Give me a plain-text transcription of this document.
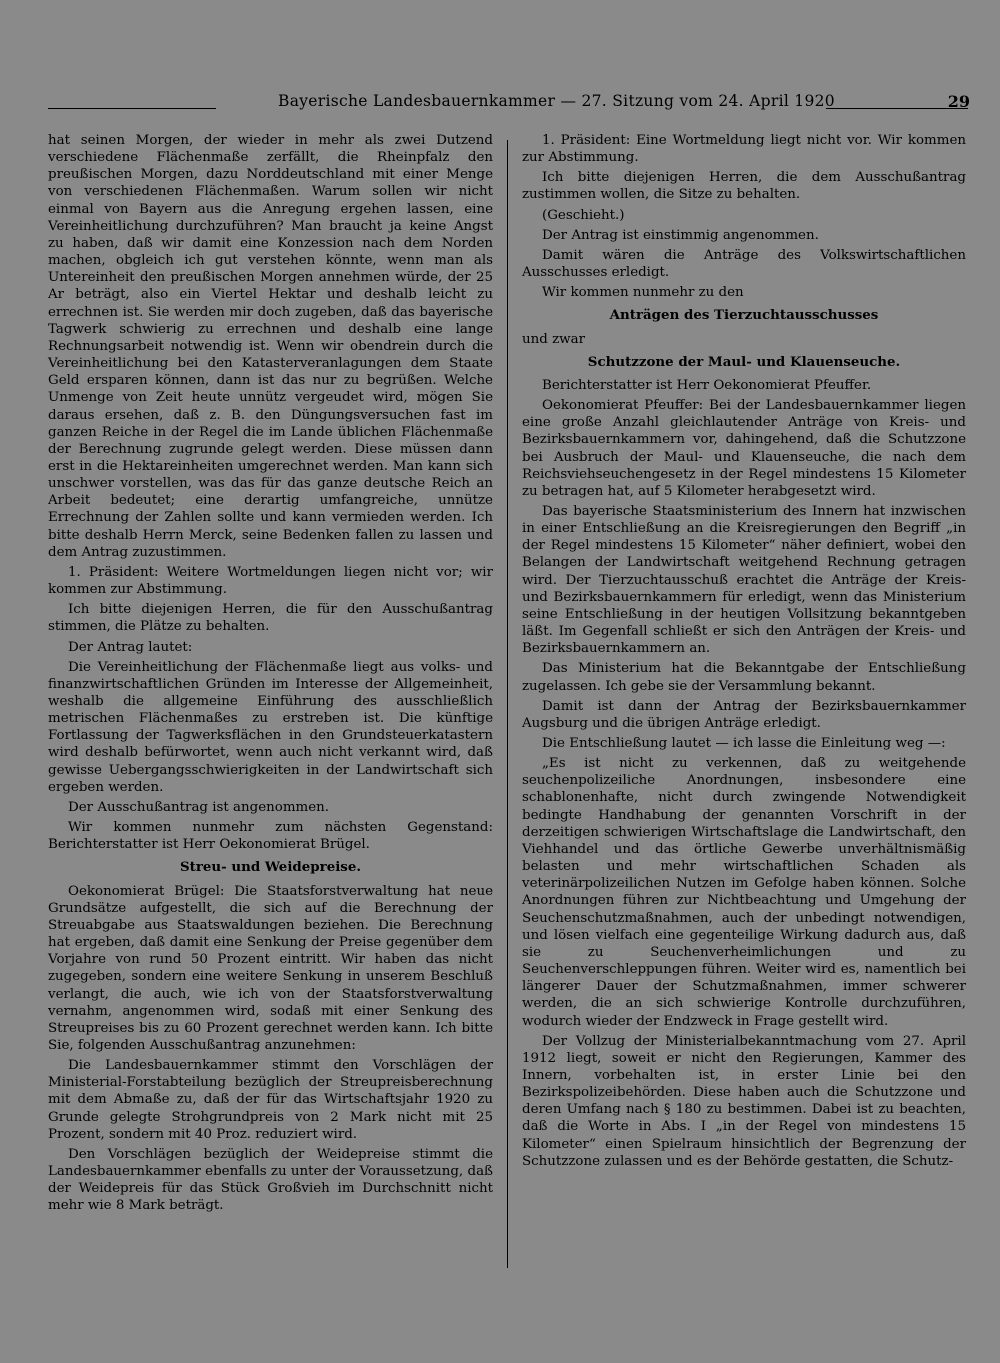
Bayerische Landesbauernkammer — 27. Sitzung vom 24. April 1920	29

hat seinen Morgen, der wieder in mehr als zwei Dutzend verschiedene Flächenmaße zerfällt, die Rheinpfalz den preußischen Morgen, dazu Norddeutschland mit einer Menge von verschiedenen Flächenmaßen. Warum sollen wir nicht einmal von Bayern aus die Anregung ergehen lassen, eine Vereinheitlichung durchzuführen? Man braucht ja keine Angst zu haben, daß wir damit eine Konzession nach dem Norden machen, obgleich ich gut verstehen könnte, wenn man als Untereinheit den preußischen Morgen annehmen würde, der 25 Ar beträgt, also ein Viertel Hektar und deshalb leicht zu errechnen ist. Sie werden mir doch zugeben, daß das bayerische Tagwerk schwierig zu errechnen und deshalb eine lange Rechnungsarbeit notwendig ist. Wenn wir obendrein durch die Vereinheitlichung bei den Katasterveranlagungen dem Staate Geld ersparen können, dann ist das nur zu begrüßen. Welche Unmenge von Zeit heute unnütz vergeudet wird, mögen Sie daraus ersehen, daß z. B. den Düngungsversuchen fast im ganzen Reiche in der Regel die im Lande üblichen Flächenmaße der Berechnung zugrunde gelegt werden. Diese müssen dann erst in die Hektareinheiten umgerechnet werden. Man kann sich unschwer vorstellen, was das für das ganze deutsche Reich an Arbeit bedeutet; eine derartig umfangreiche, unnütze Errechnung der Zahlen sollte und kann vermieden werden. Ich bitte deshalb Herrn Merck, seine Bedenken fallen zu lassen und dem Antrag zuzustimmen.

1. Präsident: Weitere Wortmeldungen liegen nicht vor; wir kommen zur Abstimmung.

Ich bitte diejenigen Herren, die für den Ausschußantrag stimmen, die Plätze zu behalten.

Der Antrag lautet:

Die Vereinheitlichung der Flächenmaße liegt aus volks- und finanzwirtschaftlichen Gründen im Interesse der Allgemeinheit, weshalb die allgemeine Einführung des ausschließlich metrischen Flächenmaßes zu erstreben ist. Die künftige Fortlassung der Tagwerksflächen in den Grundsteuerkatastern wird deshalb befürwortet, wenn auch nicht verkannt wird, daß gewisse Uebergangsschwierigkeiten in der Landwirtschaft sich ergeben werden.

Der Ausschußantrag ist angenommen.

Wir kommen nunmehr zum nächsten Gegenstand: Berichterstatter ist Herr Oekonomierat Brügel.

Streu- und Weidepreise.

Oekonomierat Brügel: Die Staatsforstverwaltung hat neue Grundsätze aufgestellt, die sich auf die Berechnung der Streuabgabe aus Staatswaldungen beziehen. Die Berechnung hat ergeben, daß damit eine Senkung der Preise gegenüber dem Vorjahre von rund 50 Prozent eintritt. Wir haben das nicht zugegeben, sondern eine weitere Senkung in unserem Beschluß verlangt, die auch, wie ich von der Staatsforstverwaltung vernahm, angenommen wird, sodaß mit einer Senkung des Streupreises bis zu 60 Prozent gerechnet werden kann. Ich bitte Sie, folgenden Ausschußantrag anzunehmen:

Die Landesbauernkammer stimmt den Vorschlägen der Ministerial-Forstabteilung bezüglich der Streupreisberechnung mit dem Abmaße zu, daß der für das Wirtschaftsjahr 1920 zu Grunde gelegte Strohgrundpreis von 2 Mark nicht mit 25 Prozent, sondern mit 40 Proz. reduziert wird.

Den Vorschlägen bezüglich der Weidepreise stimmt die Landesbauernkammer ebenfalls zu unter der Voraussetzung, daß der Weidepreis für das Stück Großvieh im Durchschnitt nicht mehr wie 8 Mark beträgt.

1. Präsident: Eine Wortmeldung liegt nicht vor. Wir kommen zur Abstimmung.

Ich bitte diejenigen Herren, die dem Ausschußantrag zustimmen wollen, die Sitze zu behalten.

(Geschieht.)

Der Antrag ist einstimmig angenommen.

Damit wären die Anträge des Volkswirtschaftlichen Ausschusses erledigt.

Wir kommen nunmehr zu den

Anträgen des Tierzuchtausschusses

und zwar

Schutzzone der Maul- und Klauenseuche.

Berichterstatter ist Herr Oekonomierat Pfeuffer.

Oekonomierat Pfeuffer: Bei der Landesbauernkammer liegen eine große Anzahl gleichlautender Anträge von Kreis- und Bezirksbauernkammern vor, dahingehend, daß die Schutzzone bei Ausbruch der Maul- und Klauenseuche, die nach dem Reichsviehseuchengesetz in der Regel mindestens 15 Kilometer zu betragen hat, auf 5 Kilometer herabgesetzt wird.

Das bayerische Staatsministerium des Innern hat inzwischen in einer Entschließung an die Kreisregierungen den Begriff „in der Regel mindestens 15 Kilometer“ näher definiert, wobei den Belangen der Landwirtschaft weitgehend Rechnung getragen wird. Der Tierzuchtausschuß erachtet die Anträge der Kreis- und Bezirksbauernkammern für erledigt, wenn das Ministerium seine Entschließung in der heutigen Vollsitzung bekanntgeben läßt. Im Gegenfall schließt er sich den Anträgen der Kreis- und Bezirksbauernkammern an.

Das Ministerium hat die Bekanntgabe der Entschließung zugelassen. Ich gebe sie der Versammlung bekannt.

Damit ist dann der Antrag der Bezirksbauernkammer Augsburg und die übrigen Anträge erledigt.

Die Entschließung lautet — ich lasse die Einleitung weg —:

„Es ist nicht zu verkennen, daß zu weitgehende seuchenpolizeiliche Anordnungen, insbesondere eine schablonenhafte, nicht durch zwingende Notwendigkeit bedingte Handhabung der genannten Vorschrift in der derzeitigen schwierigen Wirtschaftslage die Landwirtschaft, den Viehhandel und das örtliche Gewerbe unverhältnismäßig belasten und mehr wirtschaftlichen Schaden als veterinärpolizeilichen Nutzen im Gefolge haben können. Solche Anordnungen führen zur Nichtbeachtung und Umgehung der Seuchenschutzmaßnahmen, auch der unbedingt notwendigen, und lösen vielfach eine gegenteilige Wirkung dadurch aus, daß sie zu Seuchenverheimlichungen und zu Seuchenverschleppungen führen. Weiter wird es, namentlich bei längerer Dauer der Schutzmaßnahmen, immer schwerer werden, die an sich schwierige Kontrolle durchzuführen, wodurch wieder der Endzweck in Frage gestellt wird.

Der Vollzug der Ministerialbekanntmachung vom 27. April 1912 liegt, soweit er nicht den Regierungen, Kammer des Innern, vorbehalten ist, in erster Linie bei den Bezirkspolizeibehörden. Diese haben auch die Schutzzone und deren Umfang nach § 180 zu bestimmen. Dabei ist zu beachten, daß die Worte in Abs. I „in der Regel von mindestens 15 Kilometer“ einen Spielraum hinsichtlich der Begrenzung der Schutzzone zulassen und es der Behörde gestatten, die Schutz-
